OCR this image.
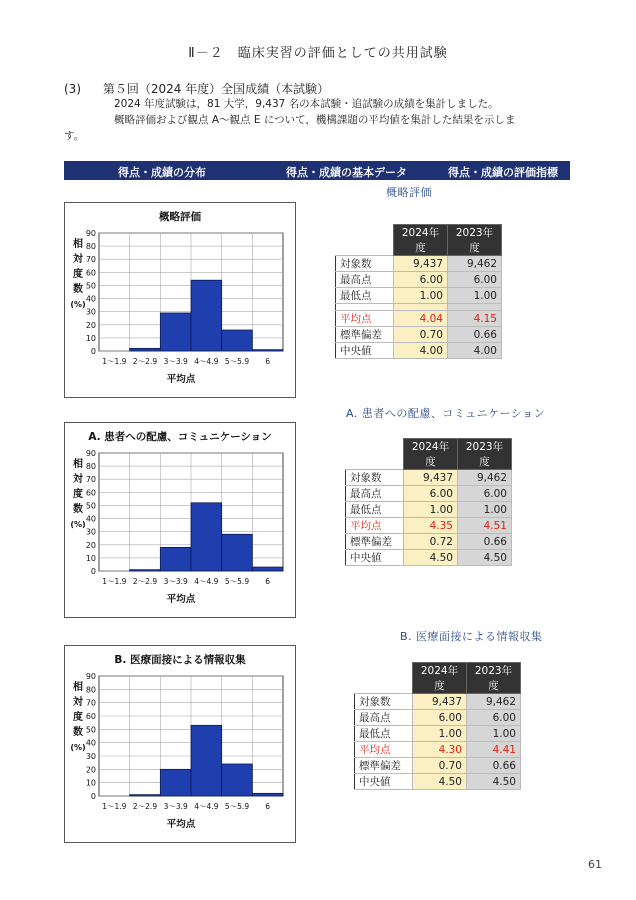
Ⅱ－２　臨床実習の評価としての共用試験
(3) 第５回（2024 年度）全国成績（本試験）

2024 年度試験は，81 大学，9,437 名の本試験・追試験の成績を集計しました。

概略評価および観点 A〜観点 E について，機構課題の平均値を集計した結果を示しま

す。
得点・成績の分布	得点・成績の基本データ	得点・成績の評価指標
概略評価
概略評価
0
10
20
30
40
50
60
70
80
90
1〜1.9 2〜2.9 3〜3.9 4〜4.9 5〜5.9 6
平均点
相対度数(%)
	2024年度	2023年度
対象数	9,437	9,462
最高点	6.00	6.00
最低点	1.00	1.00

平均点	4.04	4.15
標準偏差	0.70	0.66
中央値	4.00	4.00
A. 患者への配慮、コミュニケーション
A. 患者への配慮、コミュニケーション
0
10
20
30
40
50
60
70
80
90
1〜1.9 2〜2.9 3〜3.9 4〜4.9 5〜5.9 6
平均点
相対度数(%)
	2024年度	2023年度
対象数	9,437	9,462
最高点	6.00	6.00
最低点	1.00	1.00
平均点	4.35	4.51
標準偏差	0.72	0.66
中央値	4.50	4.50
B. 医療面接による情報収集
B. 医療面接による情報収集
0
10
20
30
40
50
60
70
80
90
1〜1.9 2〜2.9 3〜3.9 4〜4.9 5〜5.9 6
平均点
相対度数(%)
	2024年度	2023年度
対象数	9,437	9,462
最高点	6.00	6.00
最低点	1.00	1.00
平均点	4.30	4.41
標準偏差	0.70	0.66
中央値	4.50	4.50
61
